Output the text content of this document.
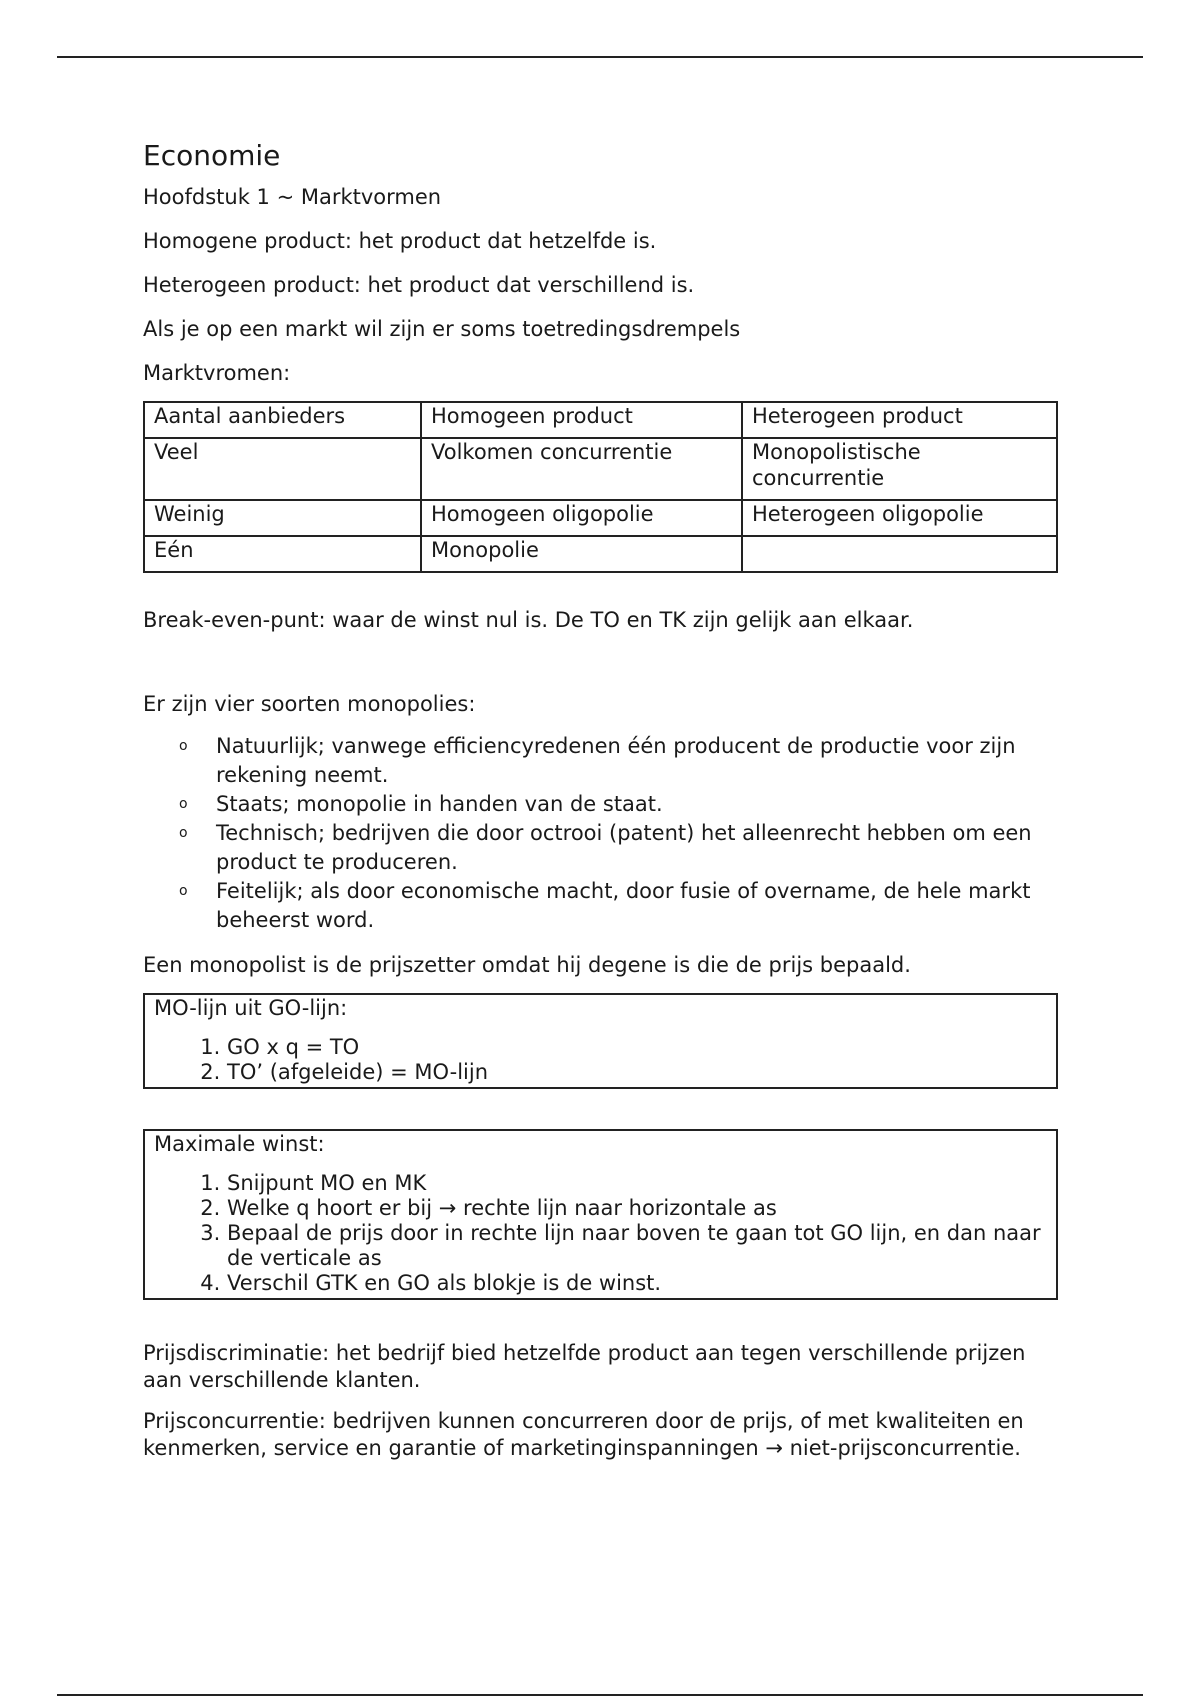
Economie

Hoofdstuk 1 ~ Marktvormen

Homogene product: het product dat hetzelfde is.

Heterogeen product: het product dat verschillend is.

Als je op een markt wil zijn er soms toetredingsdrempels

Marktvromen:

Aantal aanbieders	Homogeen product	Heterogeen product
Veel	Volkomen concurrentie	Monopolistische concurrentie
Weinig	Homogeen oligopolie	Heterogeen oligopolie
Eén	Monopolie	

Break-even-punt: waar de winst nul is. De TO en TK zijn gelijk aan elkaar.

Er zijn vier soorten monopolies:

o Natuurlijk; vanwege efficiencyredenen één producent de productie voor zijn rekening neemt.
o Staats; monopolie in handen van de staat.
o Technisch; bedrijven die door octrooi (patent) het alleenrecht hebben om een product te produceren.
o Feitelijk; als door economische macht, door fusie of overname, de hele markt beheerst word.

Een monopolist is de prijszetter omdat hij degene is die de prijs bepaald.

MO-lijn uit GO-lijn:
1. GO x q = TO
2. TO’ (afgeleide) = MO-lijn
Maximale winst:
1. Snijpunt MO en MK
2. Welke q hoort er bij → rechte lijn naar horizontale as
3. Bepaal de prijs door in rechte lijn naar boven te gaan tot GO lijn, en dan naar de verticale as
4. Verschil GTK en GO als blokje is de winst.

Prijsdiscriminatie: het bedrijf bied hetzelfde product aan tegen verschillende prijzen aan verschillende klanten.

Prijsconcurrentie: bedrijven kunnen concurreren door de prijs, of met kwaliteiten en kenmerken, service en garantie of marketinginspanningen → niet-prijsconcurrentie.
